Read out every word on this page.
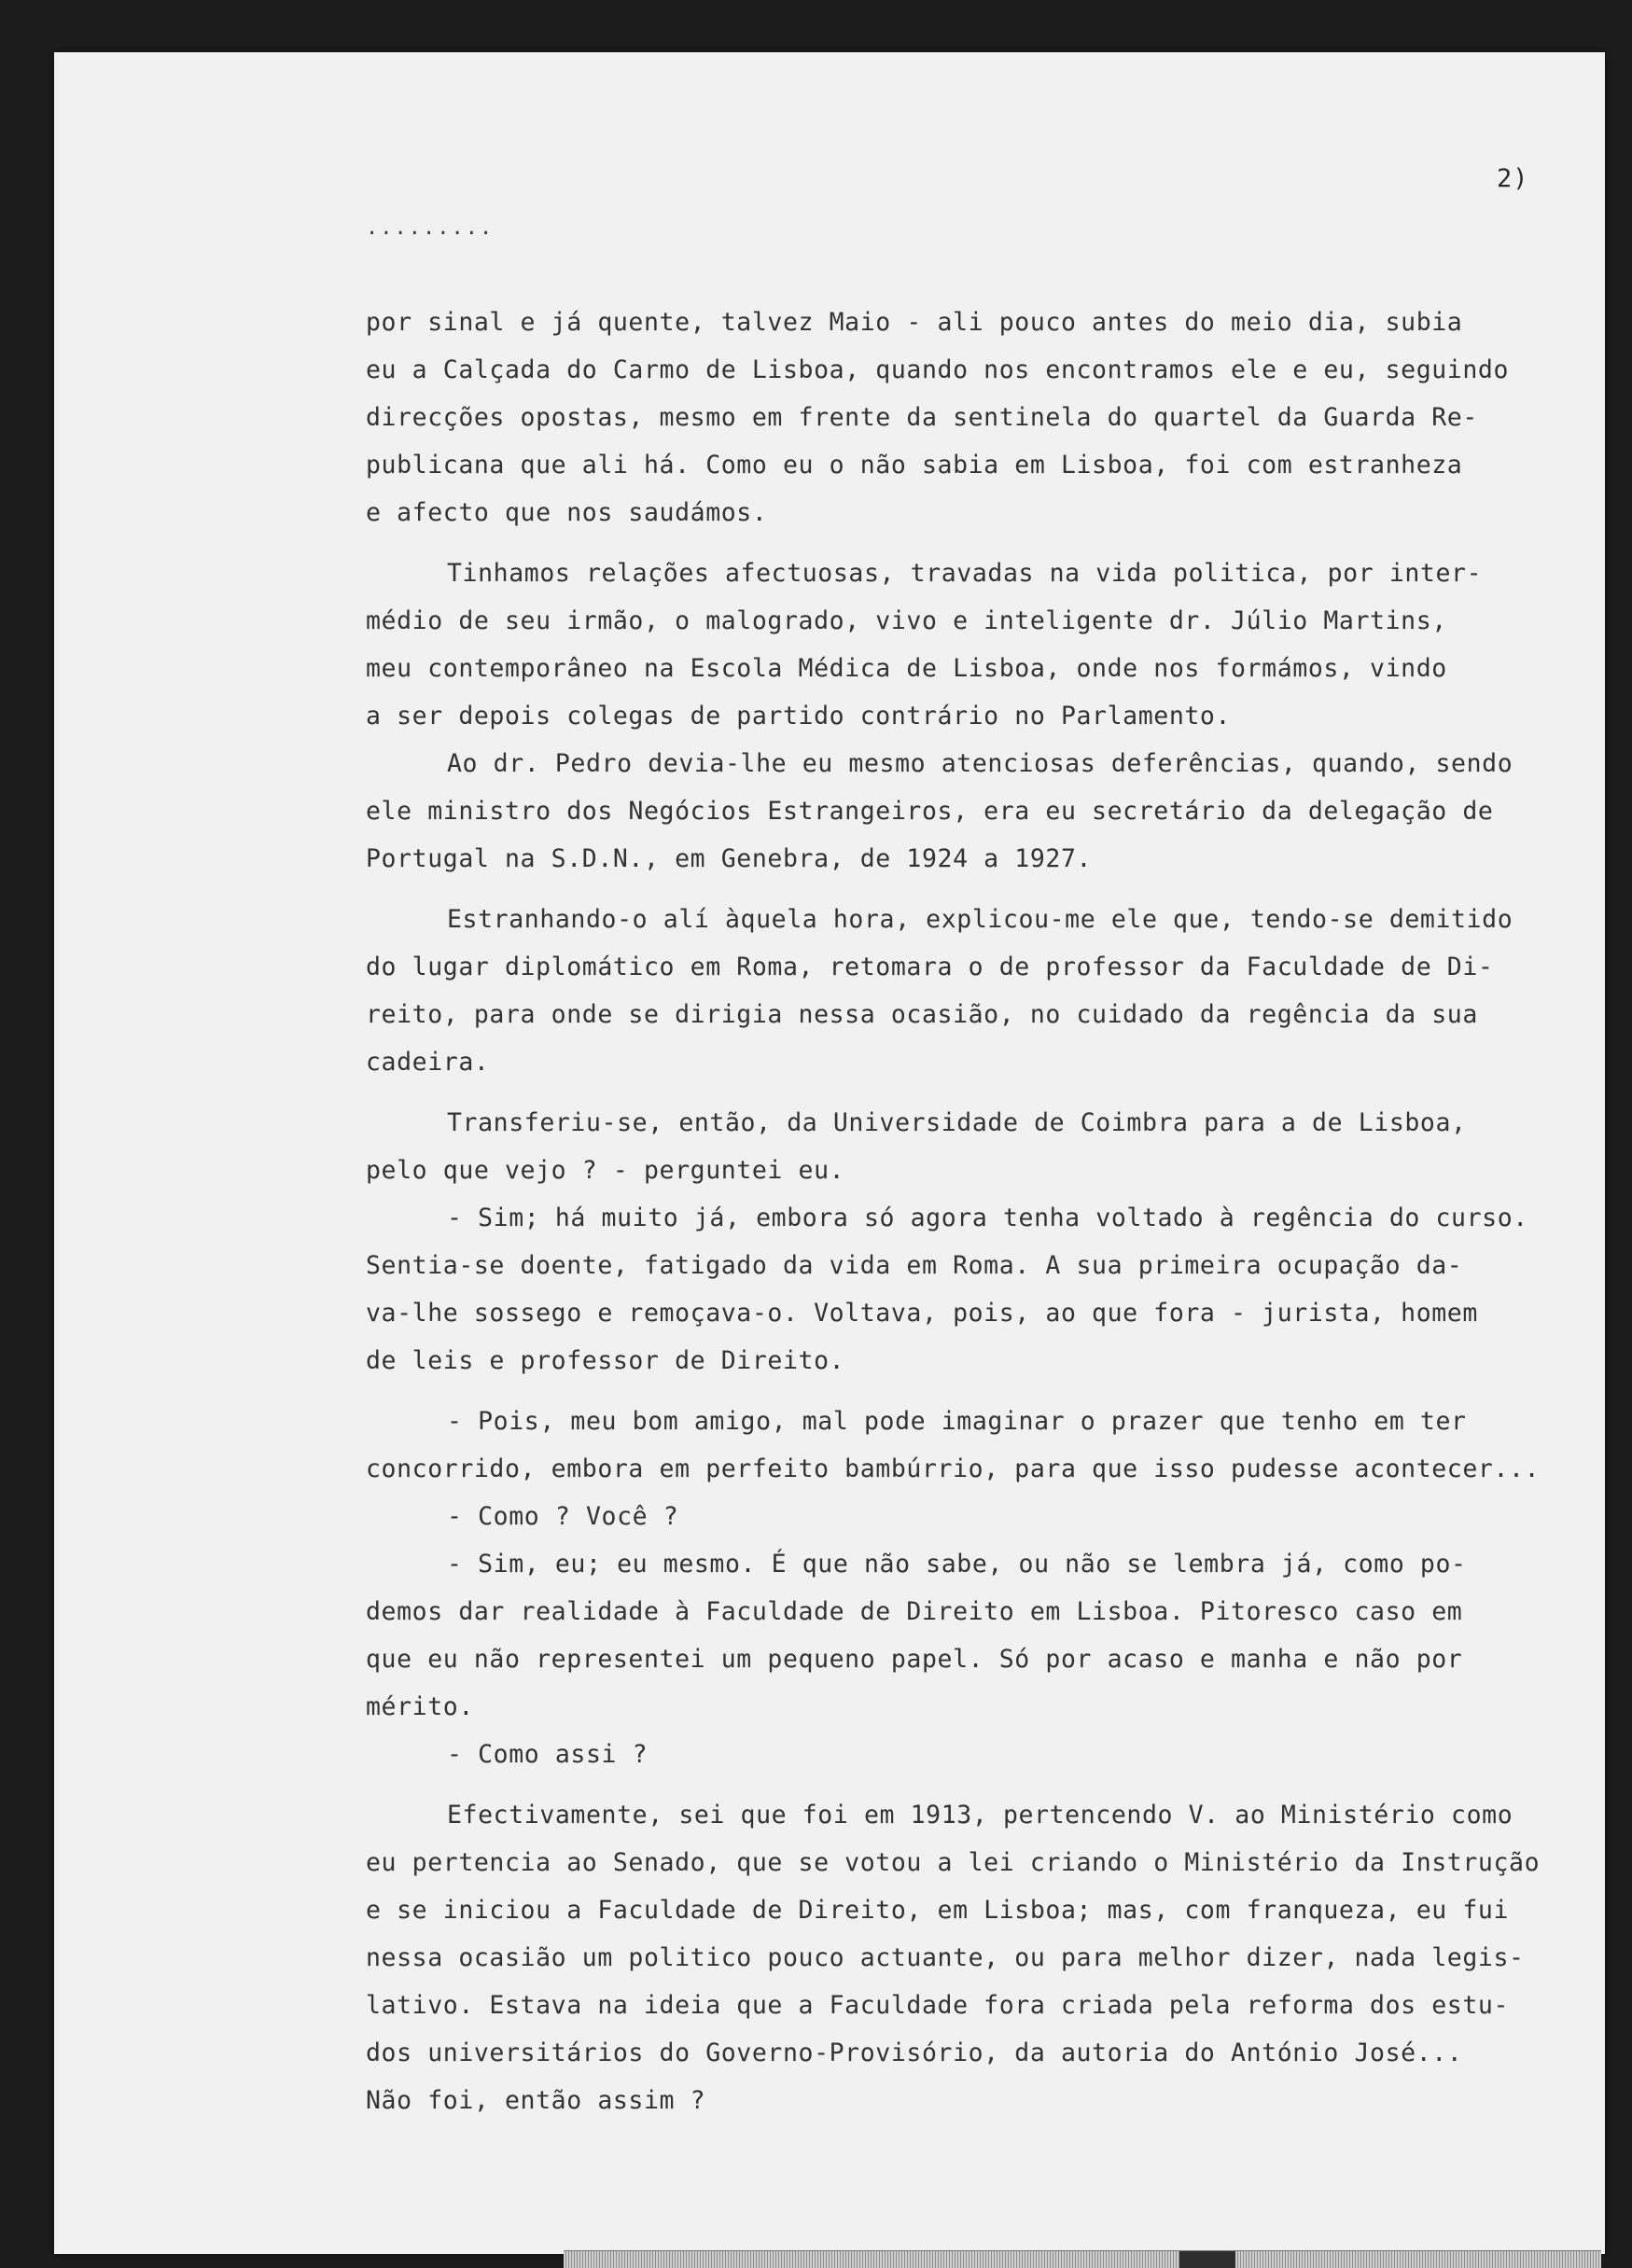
2)
.........
por sinal e já quente, talvez Maio - ali pouco antes do meio dia, subia
eu a Calçada do Carmo de Lisboa, quando nos encontramos ele e eu, seguindo
direcções opostas, mesmo em frente da sentinela do quartel da Guarda Re-
publicana que ali há. Como eu o não sabia em Lisboa, foi com estranheza
e afecto que nos saudámos.
Tinhamos relações afectuosas, travadas na vida politica, por inter-
médio de seu irmão, o malogrado, vivo e inteligente dr. Júlio Martins,
meu contemporâneo na Escola Médica de Lisboa, onde nos formámos, vindo
a ser depois colegas de partido contrário no Parlamento.
Ao dr. Pedro devia-lhe eu mesmo atenciosas deferências, quando, sendo
ele ministro dos Negócios Estrangeiros, era eu secretário da delegação de
Portugal na S.D.N., em Genebra, de 1924 a 1927.
Estranhando-o alí àquela hora, explicou-me ele que, tendo-se demitido
do lugar diplomático em Roma, retomara o de professor da Faculdade de Di-
reito, para onde se dirigia nessa ocasião, no cuidado da regência da sua
cadeira.
Transferiu-se, então, da Universidade de Coimbra para a de Lisboa,
pelo que vejo ? - perguntei eu.
- Sim; há muito já, embora só agora tenha voltado à regência do curso.
Sentia-se doente, fatigado da vida em Roma. A sua primeira ocupação da-
va-lhe sossego e remoçava-o. Voltava, pois, ao que fora - jurista, homem
de leis e professor de Direito.
- Pois, meu bom amigo, mal pode imaginar o prazer que tenho em ter
concorrido, embora em perfeito bambúrrio, para que isso pudesse acontecer...
- Como ? Você ?
- Sim, eu; eu mesmo. É que não sabe, ou não se lembra já, como po-
demos dar realidade à Faculdade de Direito em Lisboa. Pitoresco caso em
que eu não representei um pequeno papel. Só por acaso e manha e não por
mérito.
- Como assi ?
Efectivamente, sei que foi em 1913, pertencendo V. ao Ministério como
eu pertencia ao Senado, que se votou a lei criando o Ministério da Instrução
e se iniciou a Faculdade de Direito, em Lisboa; mas, com franqueza, eu fui
nessa ocasião um politico pouco actuante, ou para melhor dizer, nada legis-
lativo. Estava na ideia que a Faculdade fora criada pela reforma dos estu-
dos universitários do Governo-Provisório, da autoria do António José...
Não foi, então assim ?
